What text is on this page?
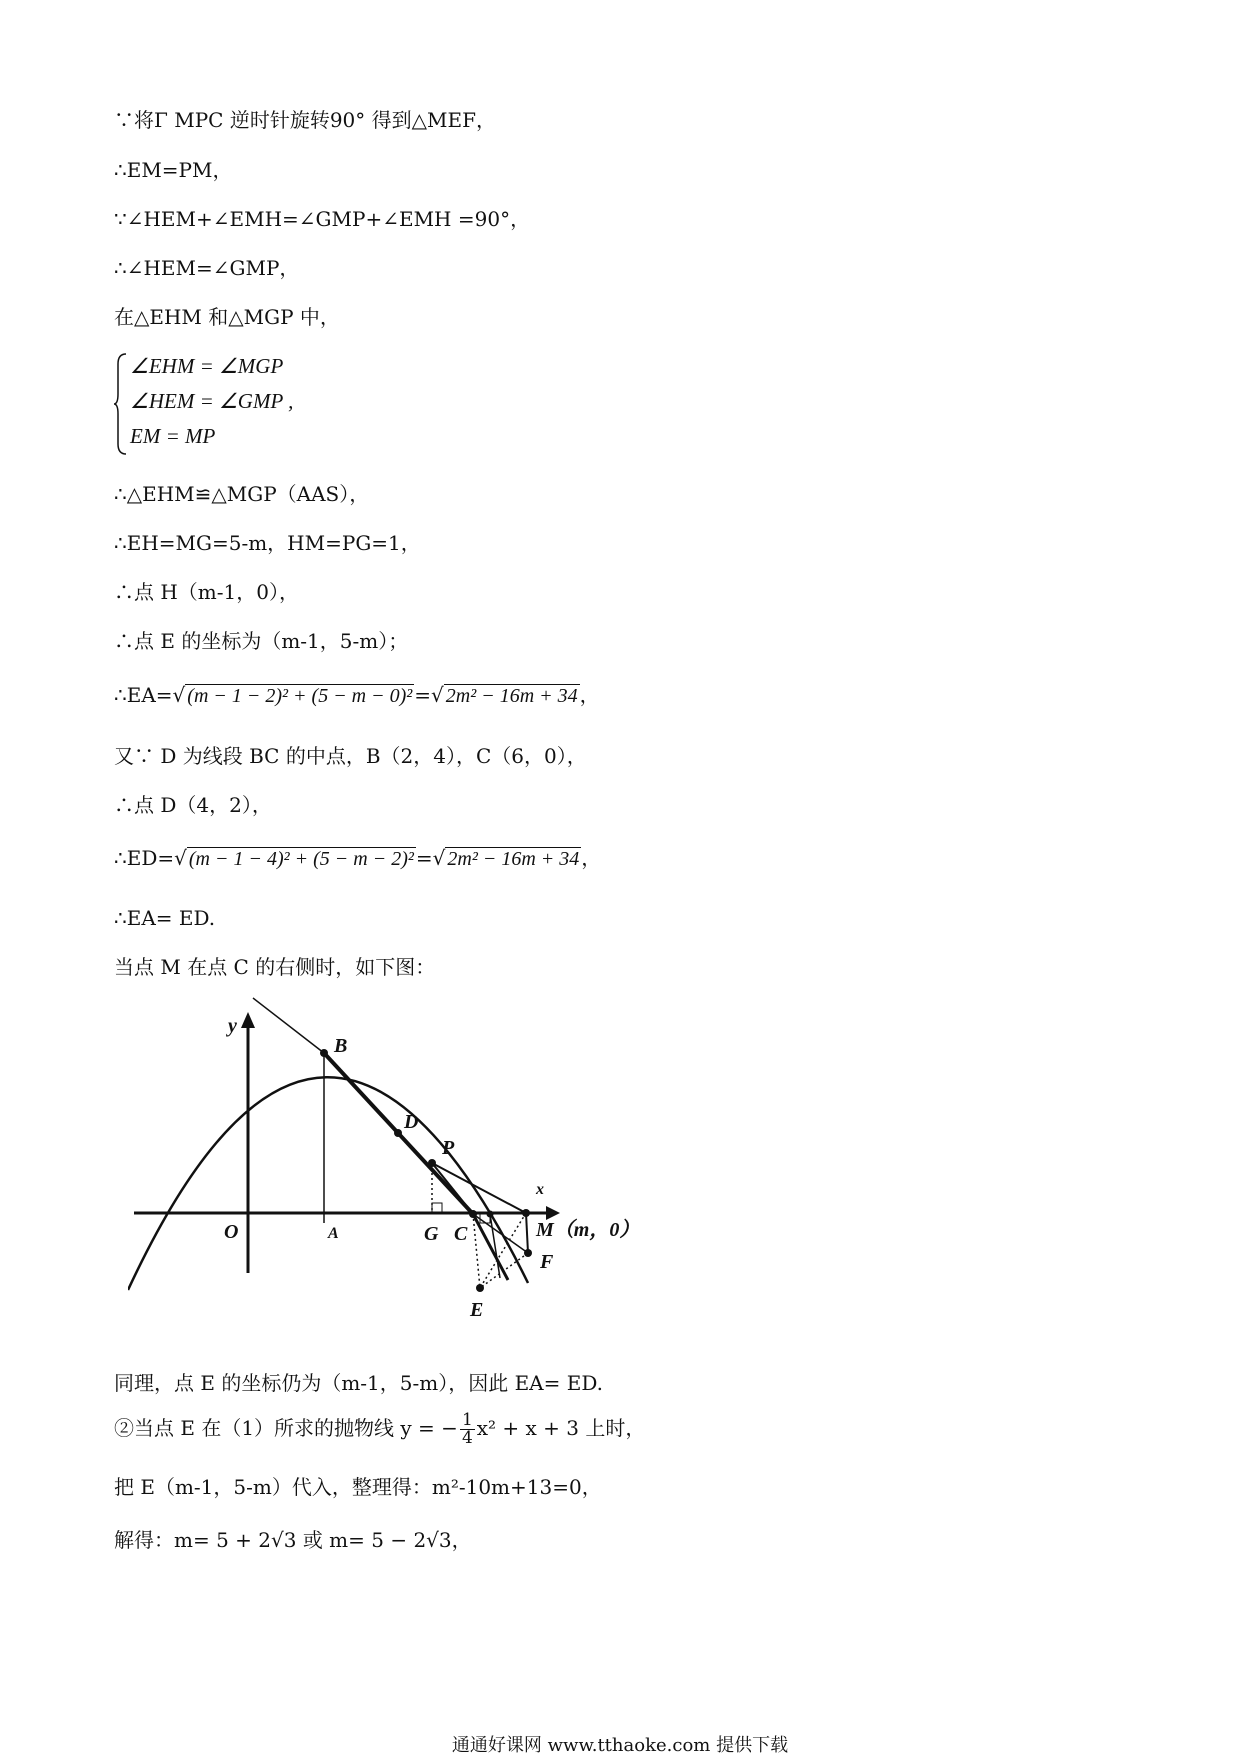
∵将Γ MPC 逆时针旋转90° 得到△MEF，
∴EM=PM，
∵∠HEM+∠EMH=∠GMP+∠EMH =90°，
∴∠HEM=∠GMP，
在△EHM 和△MGP 中，
∠EHM = ∠MGP
∠HEM = ∠GMP ,
EM = MP
∴△EHM≌△MGP（AAS），
∴EH=MG=5-m，HM=PG=1，
∴点 H（m-1，0），
∴点 E 的坐标为（m-1，5-m）；
∴EA=√ (m − 1 − 2)² + (5 − m − 0)² =√ 2m² − 16m + 34 ，
又∵ D 为线段 BC 的中点，B（2，4），C（6，0），
∴点 D（4，2），
∴ED=√ (m − 1 − 4)² + (5 − m − 2)² =√ 2m² − 16m + 34 ，
∴EA= ED.
当点 M 在点 C 的右侧时，如下图：
y
x
B
D
P
O	A	G C	M（m，0）
F
E
同理，点 E 的坐标仍为（m-1，5-m），因此 EA= ED.
②当点 E 在（1）所求的抛物线 y = − $\frac{1}{4} x^2 + x + 3$ 上时，
把 E（m-1，5-m）代入，整理得：m²-10m+13=0，
解得：m= 5 + 2√3 或 m= 5 − 2√3，
通通好课网 www.tthaoke.com 提供下载
